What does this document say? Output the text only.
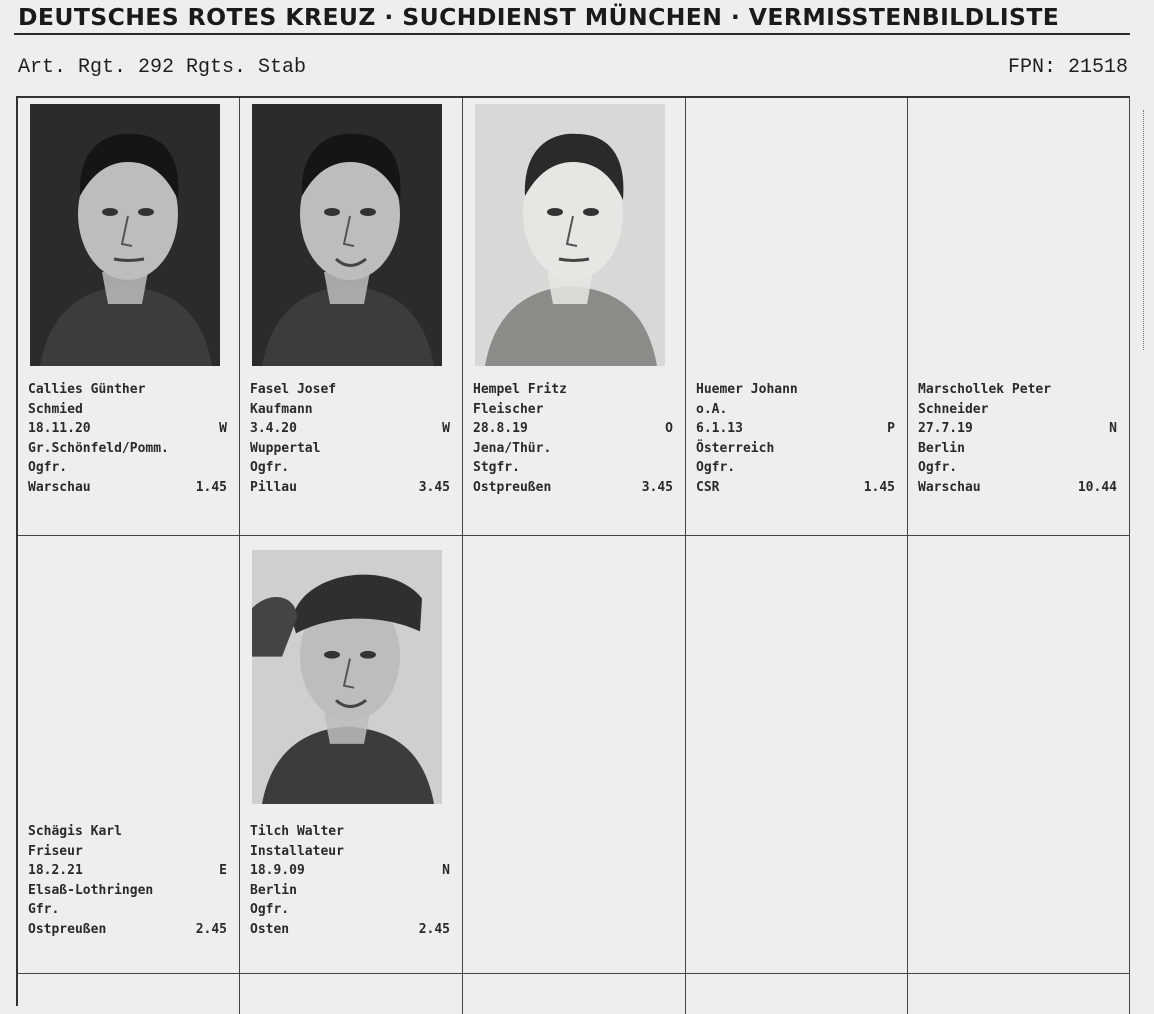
DEUTSCHES ROTES KREUZ · SUCHDIENST MÜNCHEN · VERMISSTENBILDLISTE
Art. Rgt. 292 Rgts. Stab	FPN: 21518
Callies Günther
Schmied
18.11.20	W
Gr.Schönfeld/Pomm.
Ogfr.
Warschau	1.45
Fasel Josef
Kaufmann
3.4.20	W
Wuppertal
Ogfr.
Pillau	3.45
Hempel Fritz
Fleischer
28.8.19	O
Jena/Thür.
Stgfr.
Ostpreußen	3.45
Huemer Johann
o.A.
6.1.13	P
Österreich
Ogfr.
CSR	1.45
Marschollek Peter
Schneider
27.7.19	N
Berlin
Ogfr.
Warschau	10.44
Schägis Karl
Friseur
18.2.21	E
Elsaß-Lothringen
Gfr.
Ostpreußen	2.45
Tilch Walter
Installateur
18.9.09	N
Berlin
Ogfr.
Osten	2.45
